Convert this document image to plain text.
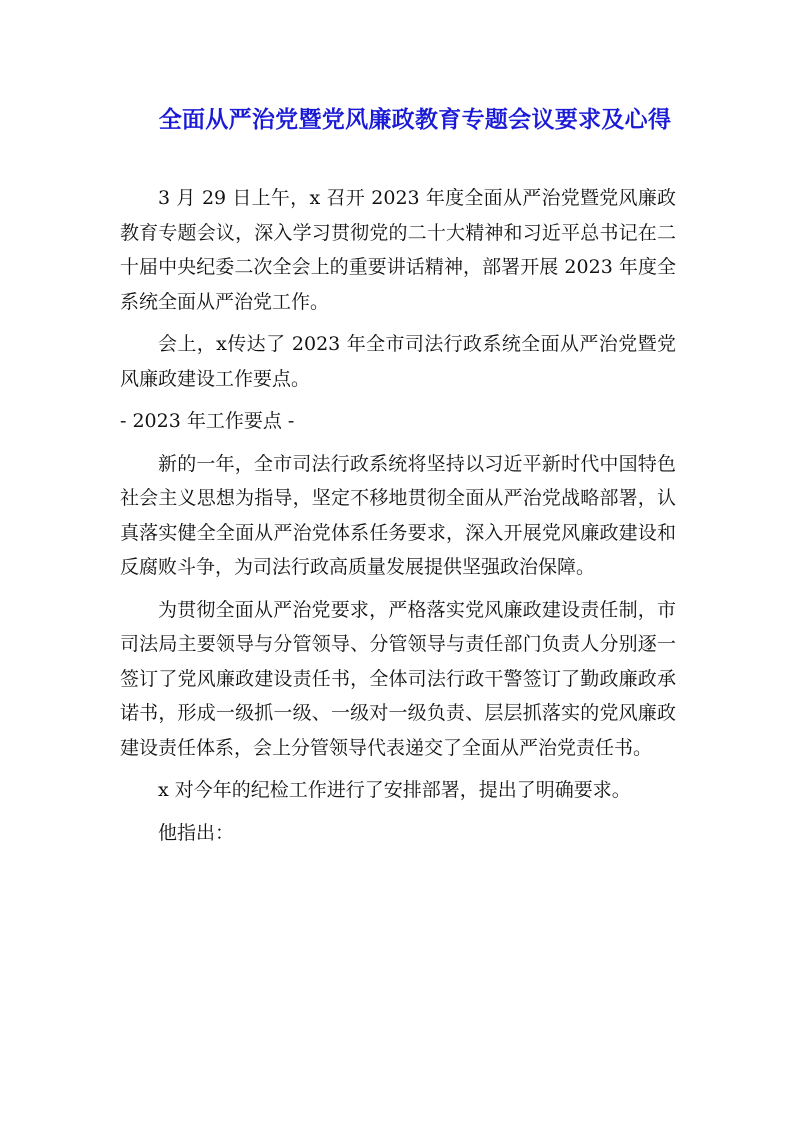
全面从严治党暨党风廉政教育专题会议要求及心得

3 月 29 日上午，x 召开 2023 年度全面从严治党暨党风廉政教育专题会议，深入学习贯彻党的二十大精神和习近平总书记在二十届中央纪委二次全会上的重要讲话精神，部署开展 2023 年度全系统全面从严治党工作。

会上，x传达了 2023 年全市司法行政系统全面从严治党暨党风廉政建设工作要点。

- 2023 年工作要点 -

新的一年，全市司法行政系统将坚持以习近平新时代中国特色社会主义思想为指导，坚定不移地贯彻全面从严治党战略部署，认真落实健全全面从严治党体系任务要求，深入开展党风廉政建设和反腐败斗争，为司法行政高质量发展提供坚强政治保障。

为贯彻全面从严治党要求，严格落实党风廉政建设责任制，市司法局主要领导与分管领导、分管领导与责任部门负责人分别逐一签订了党风廉政建设责任书，全体司法行政干警签订了勤政廉政承诺书，形成一级抓一级、一级对一级负责、层层抓落实的党风廉政建设责任体系，会上分管领导代表递交了全面从严治党责任书。

x 对今年的纪检工作进行了安排部署，提出了明确要求。

他指出：
